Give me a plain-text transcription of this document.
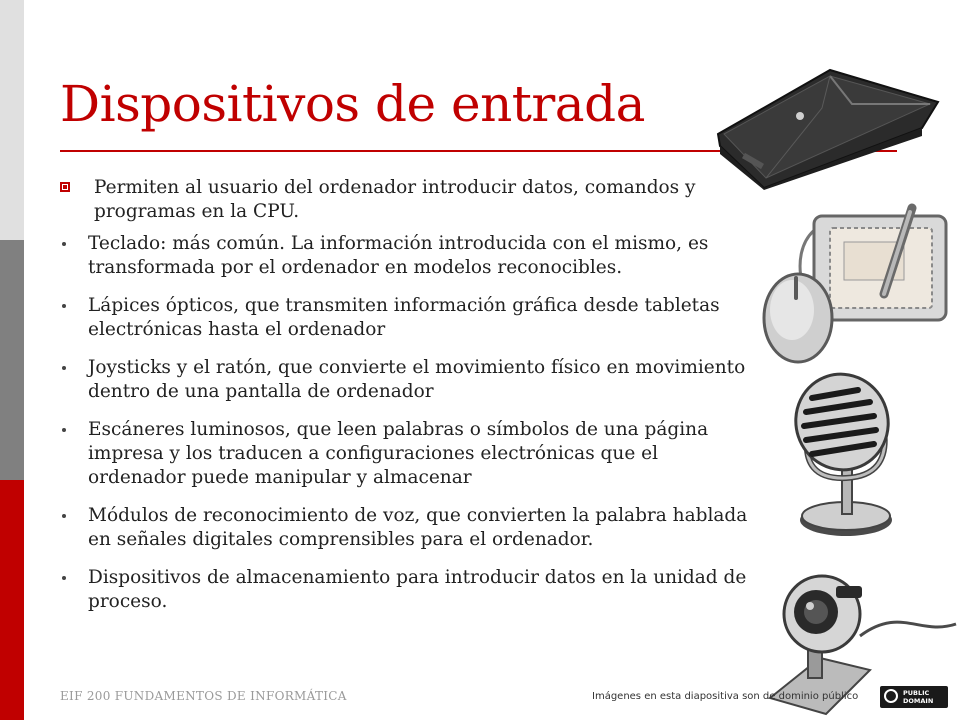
Dispositivos de entrada
Permiten al usuario del ordenador introducir datos, comandos y programas en la CPU.
Teclado: más común. La información introducida con el mismo, es transformada por el ordenador en modelos reconocibles.
Lápices ópticos, que transmiten información gráfica desde tabletas electrónicas hasta el ordenador
Joysticks y el ratón, que convierte el movimiento físico en movimiento dentro de una pantalla de ordenador
Escáneres luminosos, que leen palabras o símbolos de una página impresa y los traducen a configuraciones electrónicas que el ordenador puede manipular y almacenar
Módulos de reconocimiento de voz, que convierten la palabra hablada en señales digitales comprensibles para el ordenador.
Dispositivos de almacenamiento para introducir datos en la unidad de proceso.
EIF 200 FUNDAMENTOS DE INFORMÁTICA	Imágenes en esta diapositiva son de dominio público	PUBLIC
DOMAIN
